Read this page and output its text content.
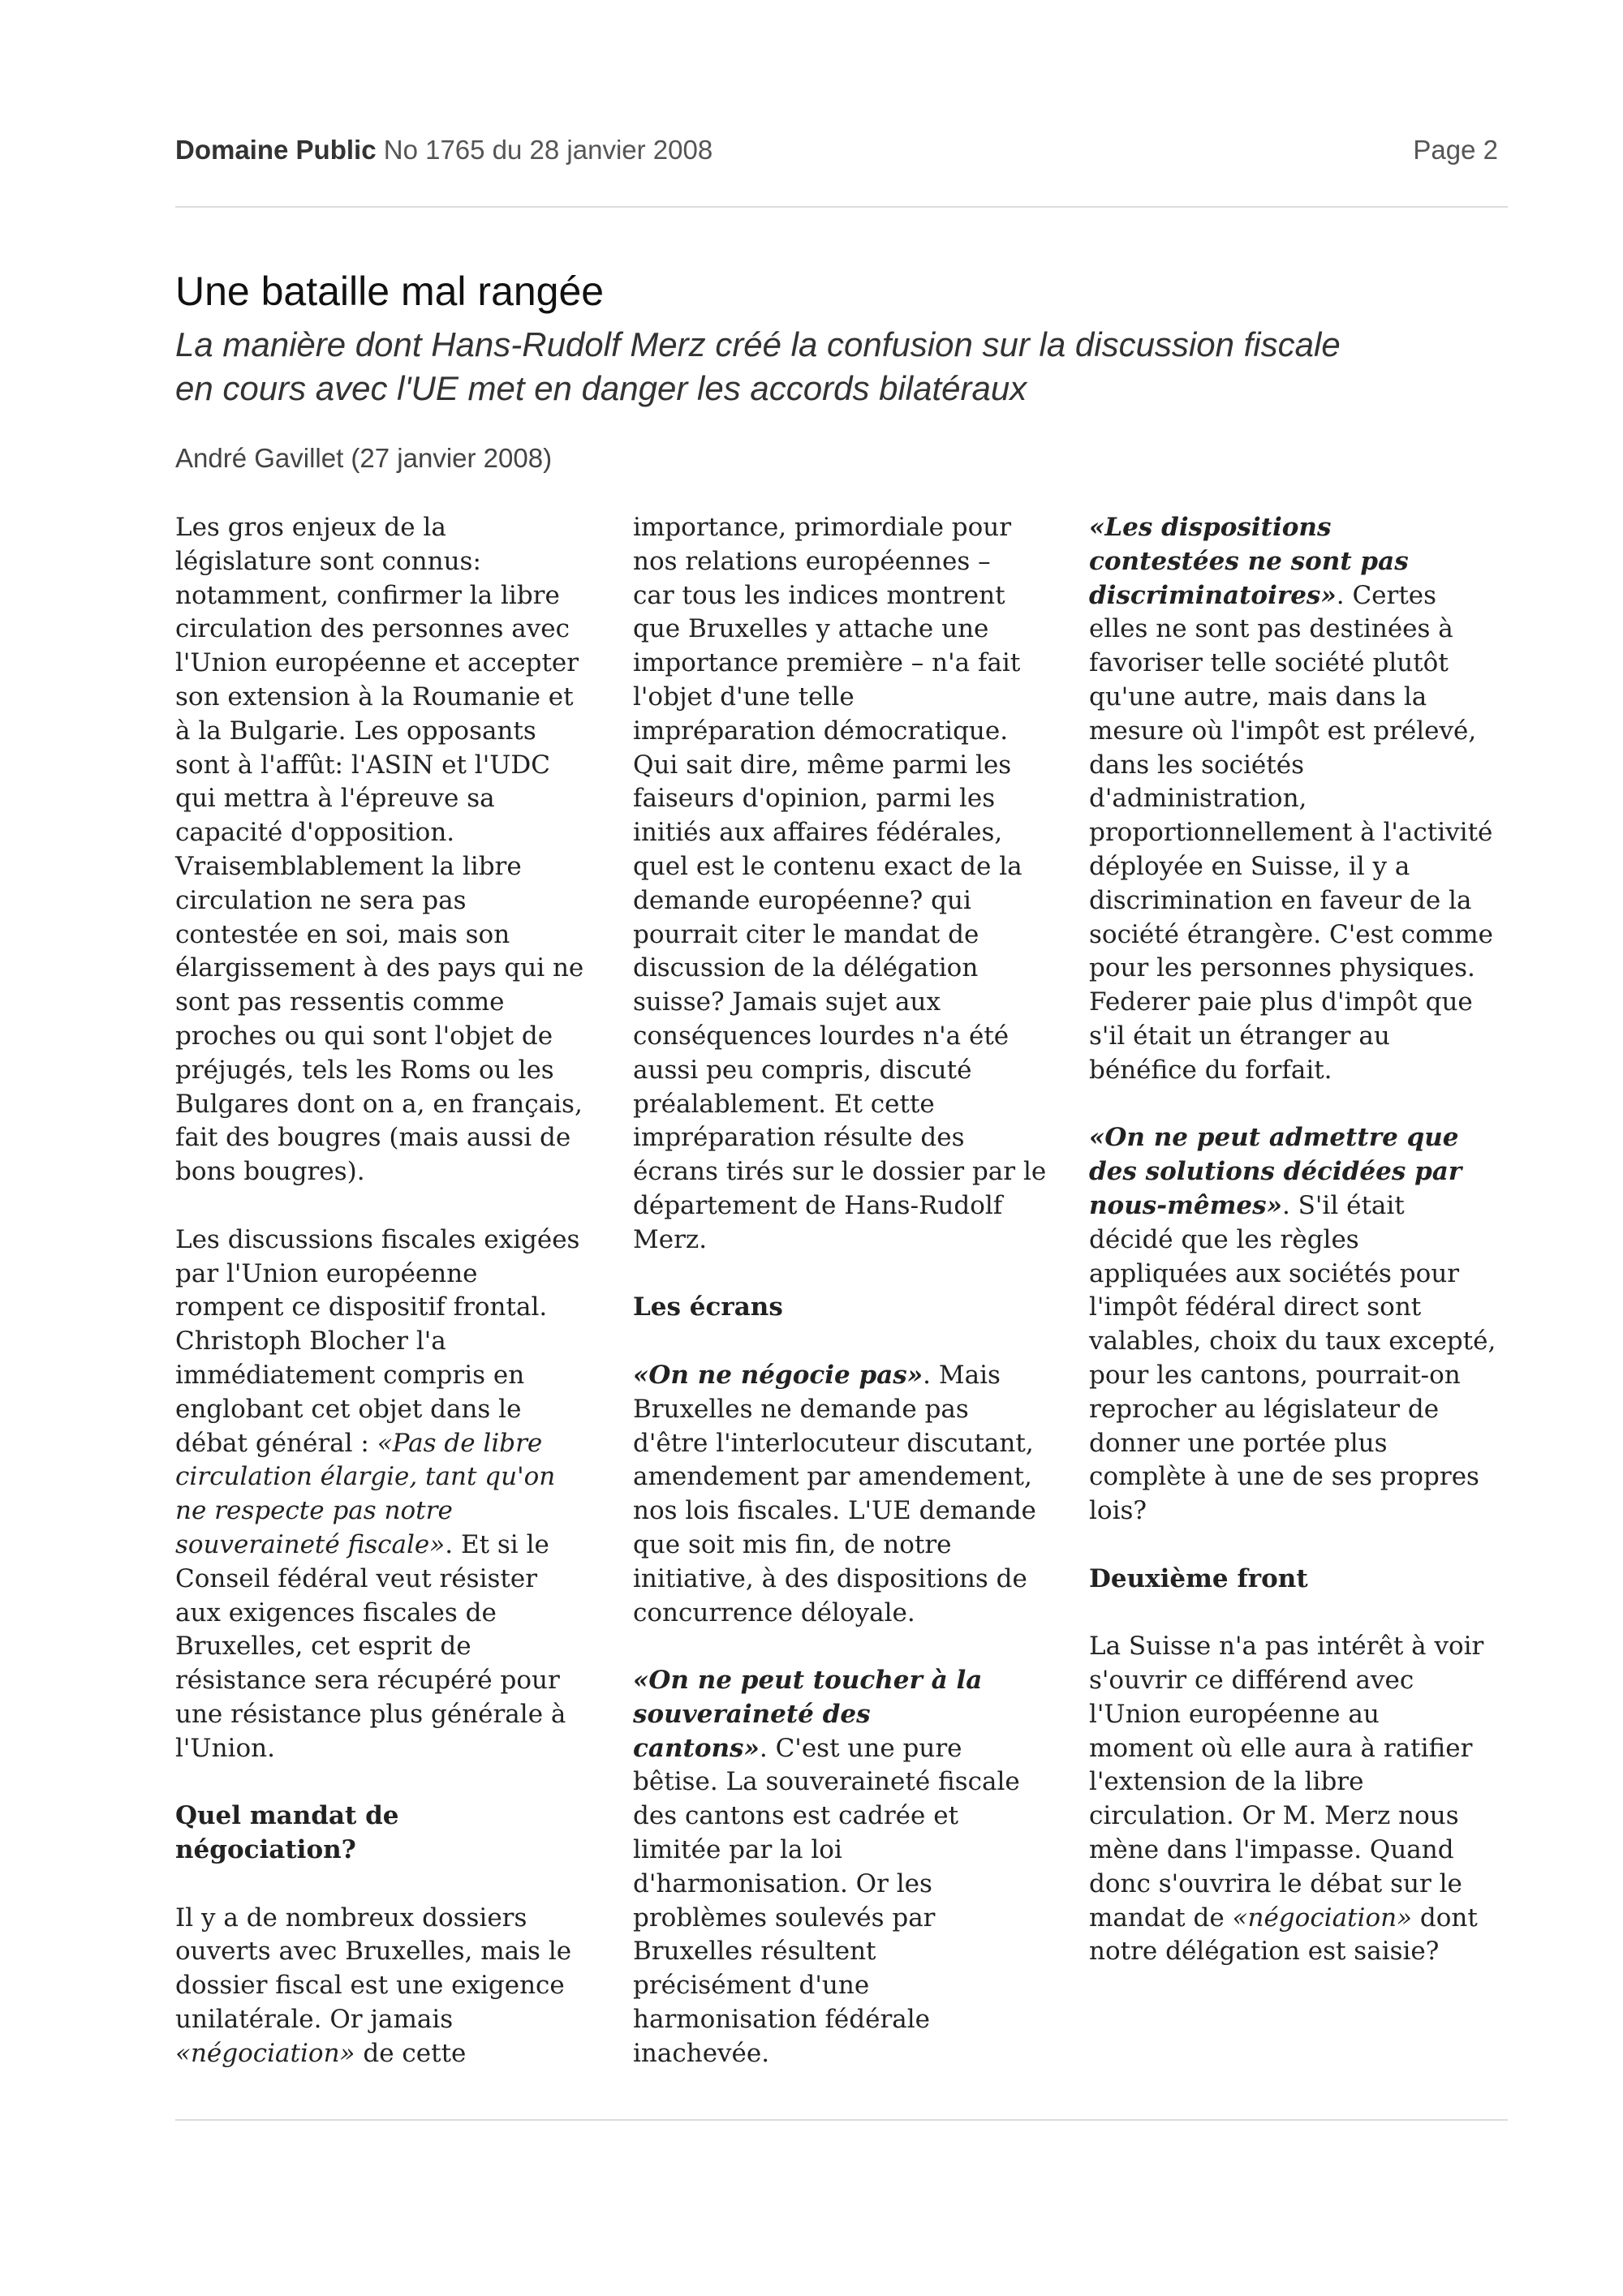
Domaine Public No 1765 du 28 janvier 2008	Page 2
Une bataille mal rangée
La manière dont Hans-Rudolf Merz créé la confusion sur la discussion fiscale
en cours avec l'UE met en danger les accords bilatéraux
André Gavillet (27 janvier 2008)

Les gros enjeux de la
législature sont connus:
notamment, confirmer la libre
circulation des personnes avec
l'Union européenne et accepter
son extension à la Roumanie et
à la Bulgarie. Les opposants
sont à l'affût: l'ASIN et l'UDC
qui mettra à l'épreuve sa
capacité d'opposition.
Vraisemblablement la libre
circulation ne sera pas
contestée en soi, mais son
élargissement à des pays qui ne
sont pas ressentis comme
proches ou qui sont l'objet de
préjugés, tels les Roms ou les
Bulgares dont on a, en français,
fait des bougres (mais aussi de
bons bougres).

Les discussions fiscales exigées
par l'Union européenne
rompent ce dispositif frontal.
Christoph Blocher l'a
immédiatement compris en
englobant cet objet dans le
débat général : «Pas de libre
circulation élargie, tant qu'on
ne respecte pas notre
souveraineté fiscale». Et si le
Conseil fédéral veut résister
aux exigences fiscales de
Bruxelles, cet esprit de
résistance sera récupéré pour
une résistance plus générale à
l'Union.

Quel mandat de
négociation?

Il y a de nombreux dossiers
ouverts avec Bruxelles, mais le
dossier fiscal est une exigence
unilatérale. Or jamais
«négociation» de cette

importance, primordiale pour
nos relations européennes –
car tous les indices montrent
que Bruxelles y attache une
importance première – n'a fait
l'objet d'une telle
impréparation démocratique.
Qui sait dire, même parmi les
faiseurs d'opinion, parmi les
initiés aux affaires fédérales,
quel est le contenu exact de la
demande européenne? qui
pourrait citer le mandat de
discussion de la délégation
suisse? Jamais sujet aux
conséquences lourdes n'a été
aussi peu compris, discuté
préalablement. Et cette
impréparation résulte des
écrans tirés sur le dossier par le
département de Hans-Rudolf
Merz.

Les écrans

«On ne négocie pas». Mais
Bruxelles ne demande pas
d'être l'interlocuteur discutant,
amendement par amendement,
nos lois fiscales. L'UE demande
que soit mis fin, de notre
initiative, à des dispositions de
concurrence déloyale.

«On ne peut toucher à la
souveraineté des
cantons». C'est une pure
bêtise. La souveraineté fiscale
des cantons est cadrée et
limitée par la loi
d'harmonisation. Or les
problèmes soulevés par
Bruxelles résultent
précisément d'une
harmonisation fédérale
inachevée.

«Les dispositions
contestées ne sont pas
discriminatoires». Certes
elles ne sont pas destinées à
favoriser telle société plutôt
qu'une autre, mais dans la
mesure où l'impôt est prélevé,
dans les sociétés
d'administration,
proportionnellement à l'activité
déployée en Suisse, il y a
discrimination en faveur de la
société étrangère. C'est comme
pour les personnes physiques.
Federer paie plus d'impôt que
s'il était un étranger au
bénéfice du forfait.

«On ne peut admettre que
des solutions décidées par
nous-mêmes». S'il était
décidé que les règles
appliquées aux sociétés pour
l'impôt fédéral direct sont
valables, choix du taux excepté,
pour les cantons, pourrait-on
reprocher au législateur de
donner une portée plus
complète à une de ses propres
lois?

Deuxième front

La Suisse n'a pas intérêt à voir
s'ouvrir ce différend avec
l'Union européenne au
moment où elle aura à ratifier
l'extension de la libre
circulation. Or M. Merz nous
mène dans l'impasse. Quand
donc s'ouvrira le débat sur le
mandat de «négociation» dont
notre délégation est saisie?
